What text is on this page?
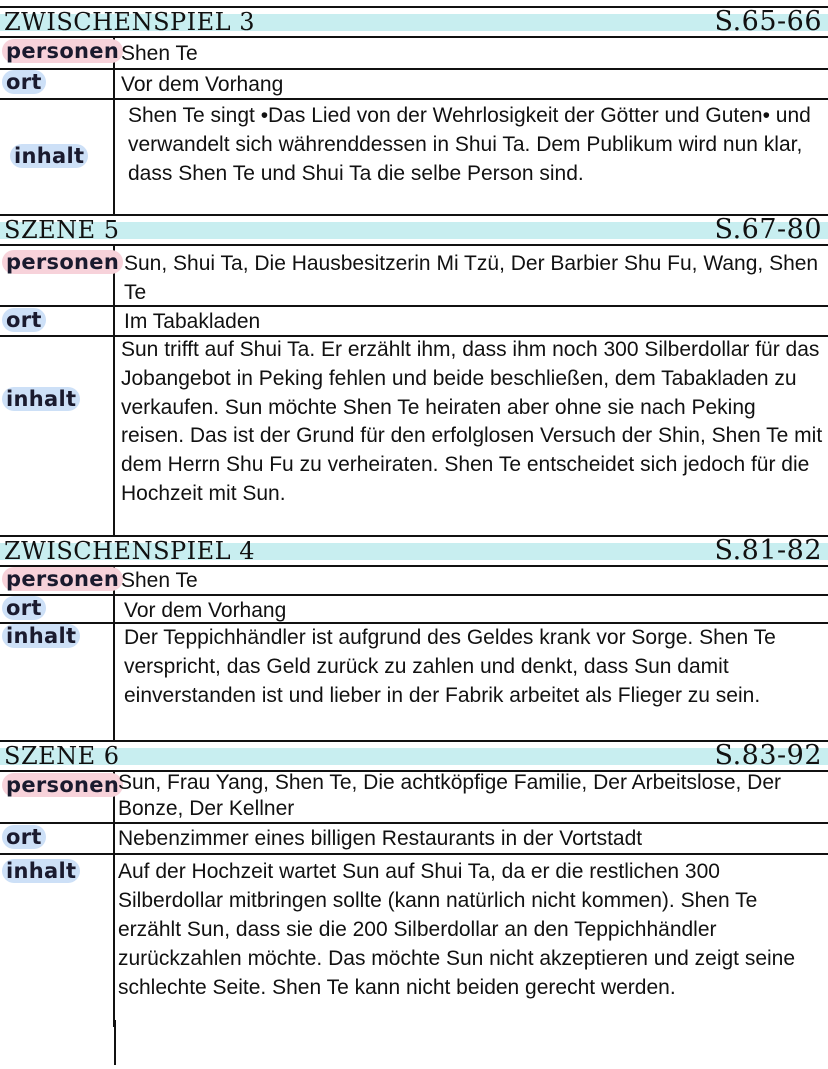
ZWISCHENSPIEL 3	S.65-66
personen Shen Te
ort	Vor dem Vorhang
inhalt
Shen Te singt •Das Lied von der Wehrlosigkeit der Götter und Guten• und verwandelt sich währenddessen in Shui Ta. Dem Publikum wird nun klar, dass Shen Te und Shui Ta die selbe Person sind.
SZENE 5	S.67-80
personen Sun, Shui Ta, Die Hausbesitzerin Mi Tzü, Der Barbier Shu Fu, Wang, Shen Te
ort	Im Tabakladen
inhalt
Sun trifft auf Shui Ta. Er erzählt ihm, dass ihm noch 300 Silberdollar für das Jobangebot in Peking fehlen und beide beschließen, dem Tabakladen zu verkaufen. Sun möchte Shen Te heiraten aber ohne sie nach Peking reisen. Das ist der Grund für den erfolglosen Versuch der Shin, Shen Te mit dem Herrn Shu Fu zu verheiraten. Shen Te entscheidet sich jedoch für die Hochzeit mit Sun.
ZWISCHENSPIEL 4	S.81-82
personen Shen Te
ort	Vor dem Vorhang
inhalt Der Teppichhändler ist aufgrund des Geldes krank vor Sorge. Shen Te verspricht, das Geld zurück zu zahlen und denkt, dass Sun damit einverstanden ist und lieber in der Fabrik arbeitet als Flieger zu sein.
SZENE 6	S.83-92
personen
Sun, Frau Yang, Shen Te, Die achtköpfige Familie, Der Arbeitslose, Der Bonze, Der Kellner
ort	Nebenzimmer eines billigen Restaurants in der Vortstadt
inhalt Auf der Hochzeit wartet Sun auf Shui Ta, da er die restlichen 300 Silberdollar mitbringen sollte (kann natürlich nicht kommen). Shen Te erzählt Sun, dass sie die 200 Silberdollar an den Teppichhändler zurückzahlen möchte. Das möchte Sun nicht akzeptieren und zeigt seine schlechte Seite. Shen Te kann nicht beiden gerecht werden.
